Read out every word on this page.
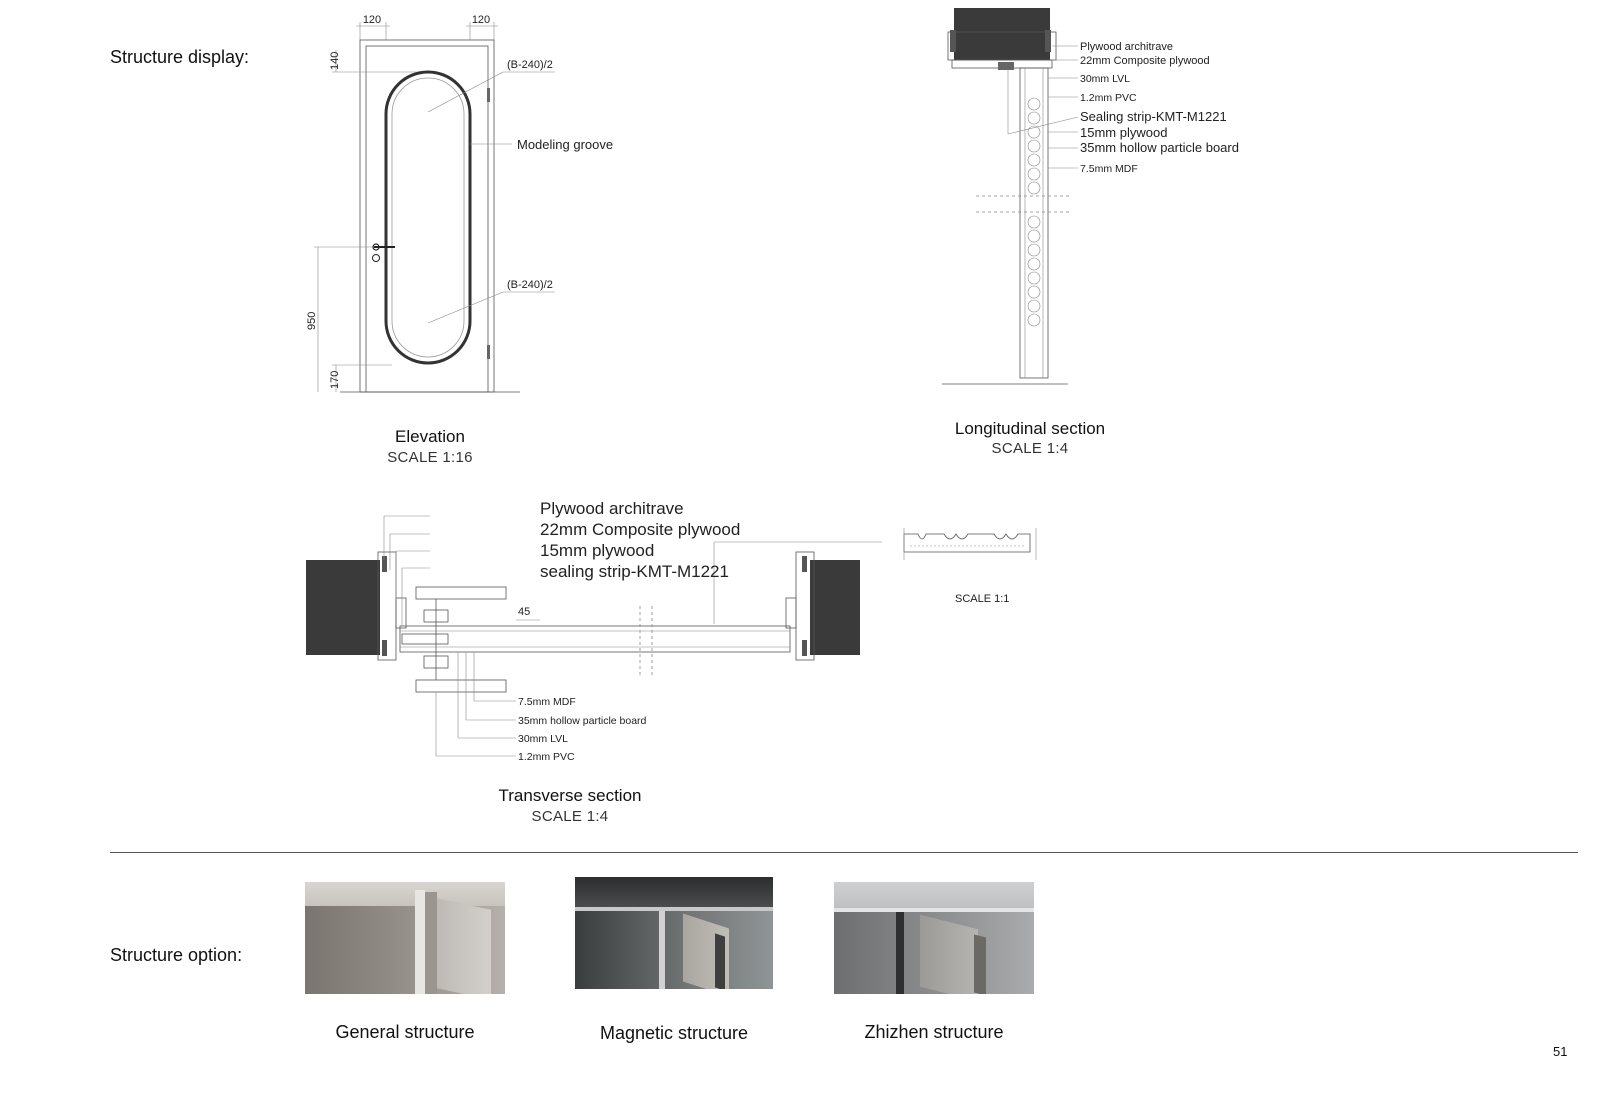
Structure display:
Structure option:
120	120
140
950
170
(B-240)/2
(B-240)/2
Modeling groove
Elevation
SCALE 1:16
Plywood architrave
22mm Composite plywood
30mm LVL
1.2mm PVC
Sealing strip-KMT-M1221
15mm plywood
35mm hollow particle board
7.5mm MDF
Longitudinal section
SCALE 1:4
45
Plywood architrave
22mm Composite plywood
15mm plywood
sealing strip-KMT-M1221
7.5mm MDF
35mm hollow particle board
30mm LVL
1.2mm PVC
SCALE 1:1
Transverse section
SCALE 1:4
General structure	Magnetic structure	Zhizhen structure
51
